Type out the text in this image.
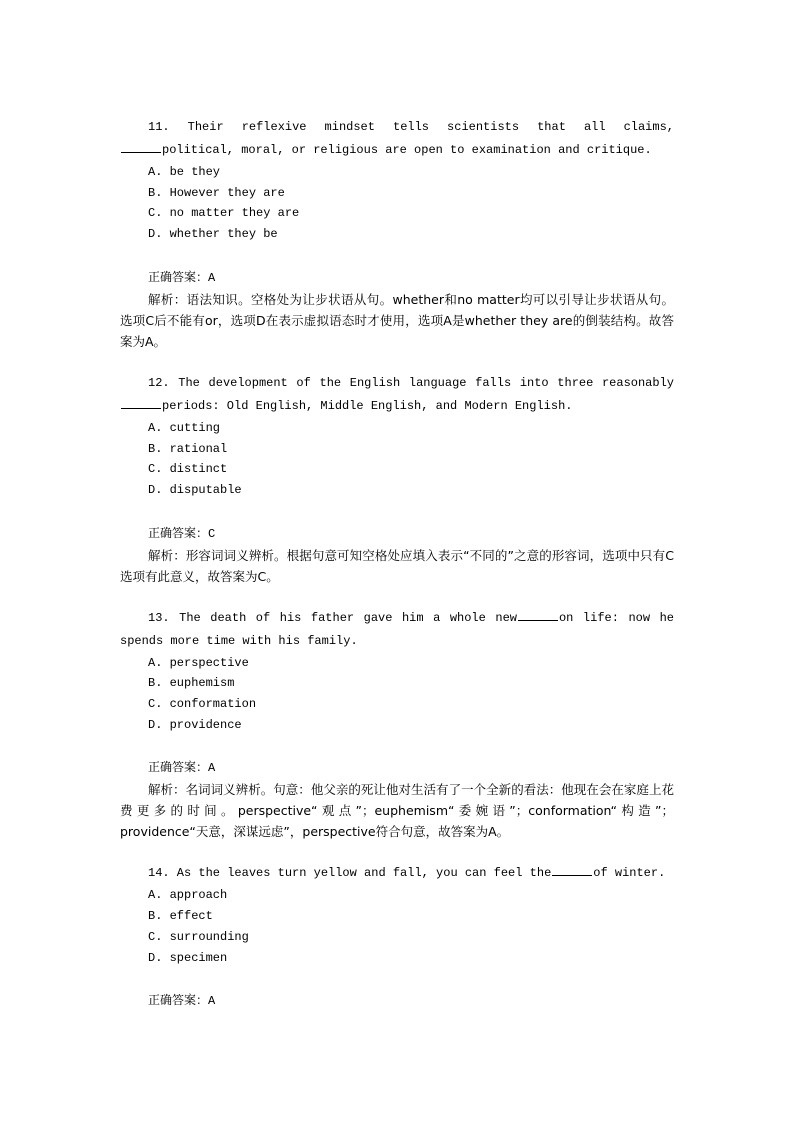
11. Their reflexive mindset tells scientists that all claims,
political, moral, or religious are open to examination and critique.
A. be they
B. However they are
C. no matter they are
D. whether they be
正确答案：A
解析：语法知识。空格处为让步状语从句。whether和no matter均可以引导让步状语从句。选项C后不能有or，选项D在表示虚拟语态时才使用，选项A是whether they are的倒装结构。故答案为A。
12. The development of the English language falls into three reasonably
periods: Old English, Middle English, and Modern English.
A. cutting
B. rational
C. distinct
D. disputable
正确答案：C
解析：形容词词义辨析。根据句意可知空格处应填入表示“不同的”之意的形容词，选项中只有C选项有此意义，故答案为C。
13. The death of his father gave him a whole new	on life: now he
spends more time with his family.
A. perspective
B. euphemism
C. conformation
D. providence
正确答案：A
解析：名词词义辨析。句意：他父亲的死让他对生活有了一个全新的看法：他现在会在家庭上花费更多的时间。perspective“观点”；euphemism“委婉语”；conformation“构造”；providence“天意，深谋远虑”，perspective符合句意，故答案为A。
14. As the leaves turn yellow and fall, you can feel the	of winter.
A. approach
B. effect
C. surrounding
D. specimen
正确答案：A
